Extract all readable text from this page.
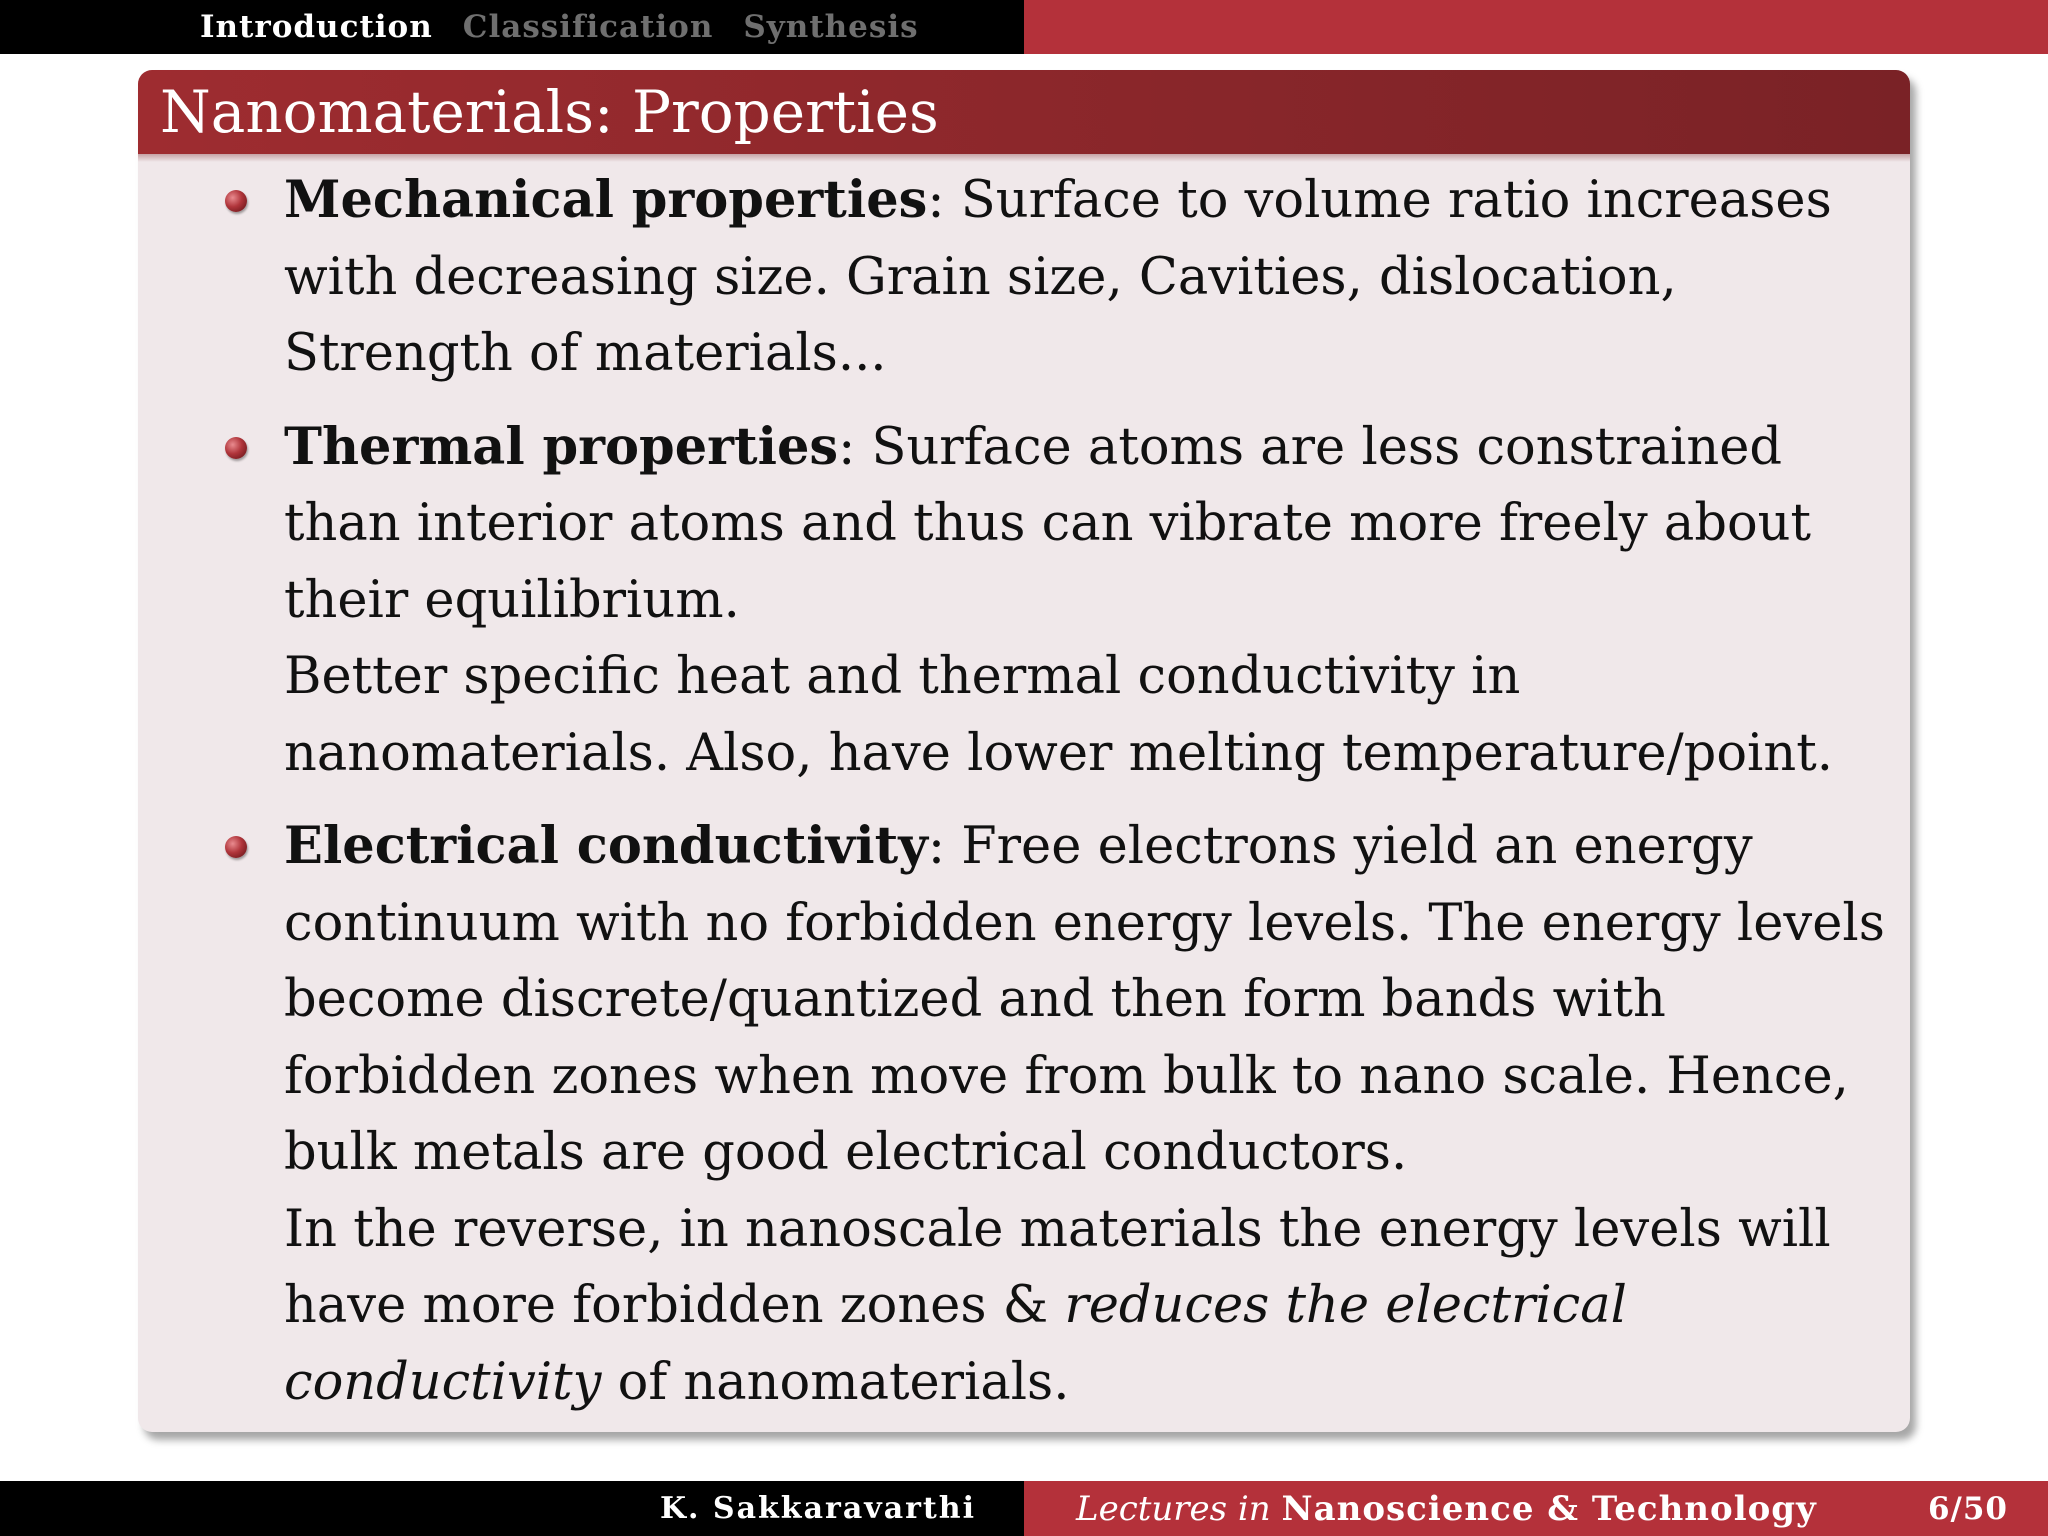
Introduction Classification Synthesis
Nanomaterials: Properties

Mechanical properties: Surface to volume ratio increases with decreasing size. Grain size, Cavities, dislocation, Strength of materials...

Thermal properties: Surface atoms are less constrained than interior atoms and thus can vibrate more freely about their equilibrium.

Better specific heat and thermal conductivity in nanomaterials. Also, have lower melting temperature/point.

Electrical conductivity: Free electrons yield an energy continuum with no forbidden energy levels. The energy levels become discrete/quantized and then form bands with forbidden zones when move from bulk to nano scale. Hence, bulk metals are good electrical conductors.

In the reverse, in nanoscale materials the energy levels will have more forbidden zones & reduces the electrical conductivity of nanomaterials.

K. Sakkaravarthi	Lectures in Nanoscience & Technology	6/50
